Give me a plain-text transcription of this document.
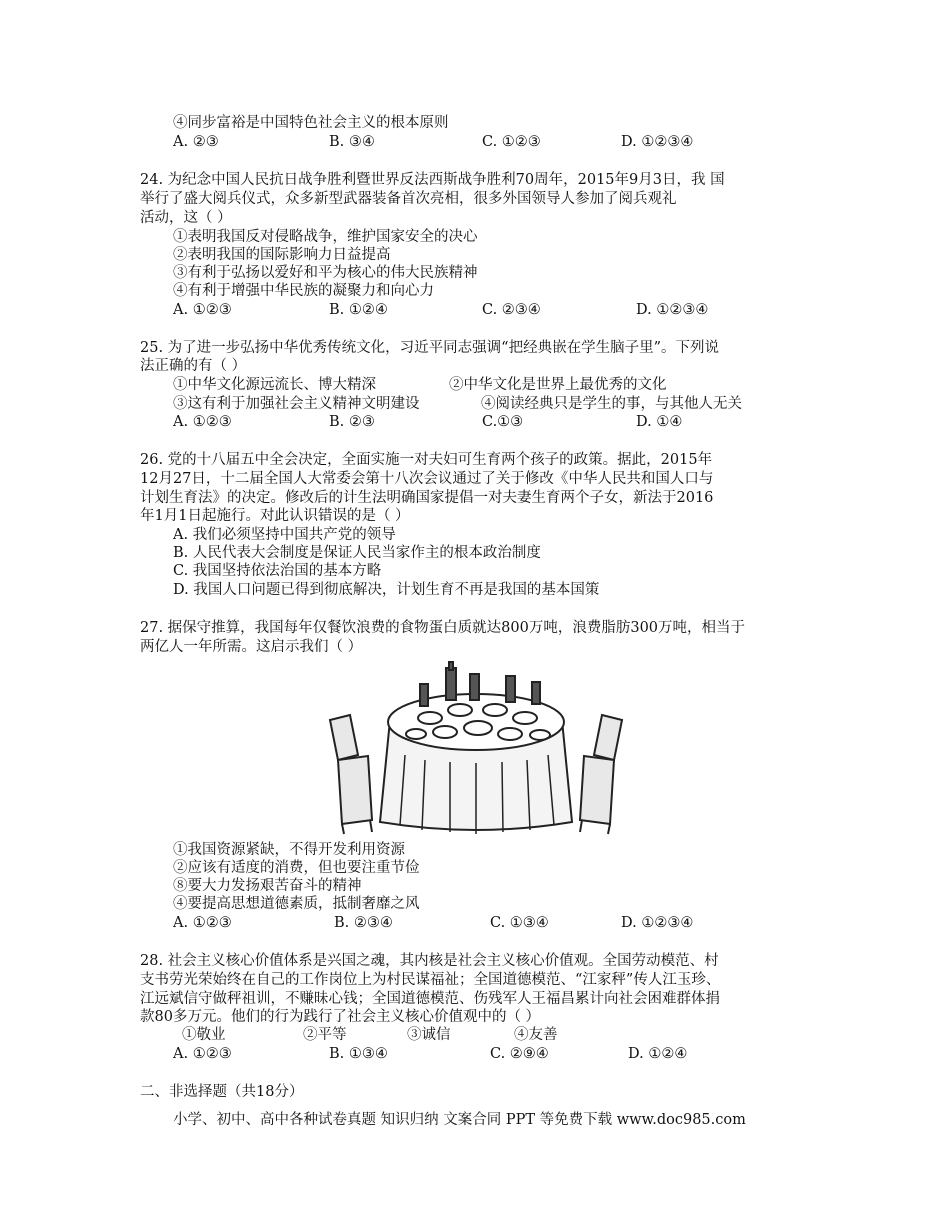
④同步富裕是中国特色社会主义的根本原则
A. ②③	B. ③④	C. ①②③	D. ①②③④
24. 为纪念中国人民抗日战争胜利暨世界反法西斯战争胜利70周年，2015年9月3日，我 国
举行了盛大阅兵仪式，众多新型武器装备首次亮相，很多外国领导人参加了阅兵观礼
活动，这（ ）
①表明我国反对侵略战争，维护国家安全的决心
②表明我国的国际影响力日益提高
③有利于弘扬以爱好和平为核心的伟大民族精神
④有利于增强中华民族的凝聚力和向心力
A. ①②③	B. ①②④	C. ②③④	D. ①②③④
25. 为了进一步弘扬中华优秀传统文化，习近平同志强调“把经典嵌在学生脑子里”。下列说
法正确的有（ ）
①中华文化源远流长、博大精深	②中华文化是世界上最优秀的文化
③这有利于加强社会主义精神文明建设	④阅读经典只是学生的事，与其他人无关
A. ①②③	B. ②③	C.①③	D. ①④
26. 党的十八届五中全会决定，全面实施一对夫妇可生育两个孩子的政策。据此，2015年
12月27日，十二届全国人大常委会第十八次会议通过了关于修改《中华人民共和国人口与
计划生育法》的决定。修改后的计生法明确国家提倡一对夫妻生育两个子女，新法于2016
年1月1日起施行。对此认识错误的是（ ）
A. 我们必须坚持中国共产党的领导
B. 人民代表大会制度是保证人民当家作主的根本政治制度
C. 我国坚持依法治国的基本方略
D. 我国人口问题已得到彻底解决，计划生育不再是我国的基本国策
27. 据保守推算，我国每年仅餐饮浪费的食物蛋白质就达800万吨，浪费脂肪300万吨，相当于
两亿人一年所需。这启示我们（ ）
①我国资源紧缺，不得开发利用资源
②应该有适度的消费，但也要注重节俭
⑧要大力发扬艰苦奋斗的精神
④要提高思想道德素质，抵制奢靡之风
A. ①②③	B. ②③④	C. ①③④	D. ①②③④
28. 社会主义核心价值体系是兴国之魂，其内核是社会主义核心价值观。全国劳动模范、村
支书劳光荣始终在自己的工作岗位上为村民谋福祉；全国道德模范、“江家秤”传人江玉珍、
江远斌信守做秤祖训，不赚昧心钱；全国道德模范、伤残军人王福昌累计向社会困难群体捐
款80多万元。他们的行为践行了社会主义核心价值观中的（ ）
①敬业	②平等	③诚信	④友善
A. ①②③	B. ①③④	C. ②⑨④	D. ①②④
二、非选择题（共18分）
小学、初中、高中各种试卷真题 知识归纳 文案合同 PPT 等免费下载 www.doc985.com
